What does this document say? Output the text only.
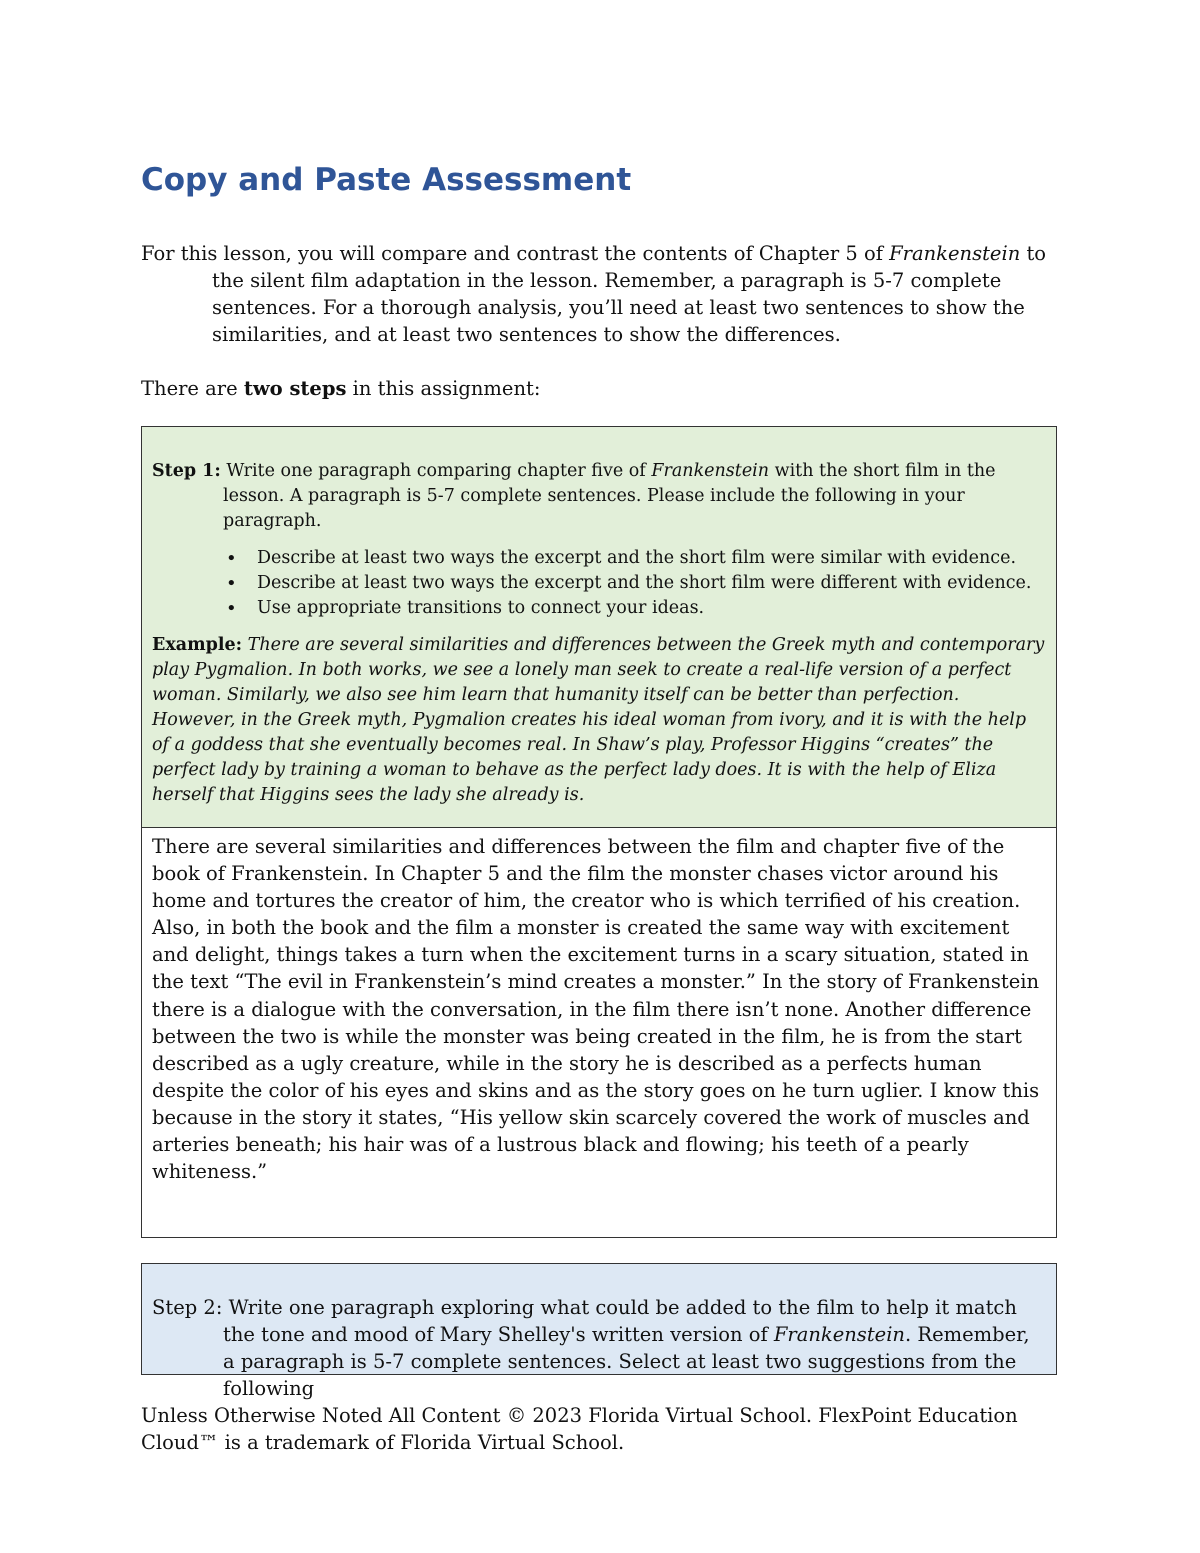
Copy and Paste Assessment

For this lesson, you will compare and contrast the contents of Chapter 5 of Frankenstein to the silent film adaptation in the lesson. Remember, a paragraph is 5-7 complete sentences. For a thorough analysis, you’ll need at least two sentences to show the similarities, and at least two sentences to show the differences.

There are two steps in this assignment:

Step 1: Write one paragraph comparing chapter five of Frankenstein with the short film in the lesson. A paragraph is 5-7 complete sentences. Please include the following in your paragraph.

• Describe at least two ways the excerpt and the short film were similar with evidence.
• Describe at least two ways the excerpt and the short film were different with evidence.
• Use appropriate transitions to connect your ideas.

Example: There are several similarities and differences between the Greek myth and contemporary play Pygmalion. In both works, we see a lonely man seek to create a real-life version of a perfect woman. Similarly, we also see him learn that humanity itself can be better than perfection. However, in the Greek myth, Pygmalion creates his ideal woman from ivory, and it is with the help of a goddess that she eventually becomes real. In Shaw’s play, Professor Higgins “creates” the perfect lady by training a woman to behave as the perfect lady does. It is with the help of Eliza herself that Higgins sees the lady she already is.

There are several similarities and differences between the film and chapter five of the book of Frankenstein. In Chapter 5 and the film the monster chases victor around his home and tortures the creator of him, the creator who is which terrified of his creation. Also, in both the book and the film a monster is created the same way with excitement and delight, things takes a turn when the excitement turns in a scary situation, stated in the text “The evil in Frankenstein’s mind creates a monster.” In the story of Frankenstein there is a dialogue with the conversation, in the film there isn’t none. Another difference between the two is while the monster was being created in the film, he is from the start described as a ugly creature, while in the story he is described as a perfects human despite the color of his eyes and skins and as the story goes on he turn uglier. I know this because in the story it states, “His yellow skin scarcely covered the work of muscles and arteries beneath; his hair was of a lustrous black and flowing; his teeth of a pearly whiteness.”

Step 2: Write one paragraph exploring what could be added to the film to help it match the tone and mood of Mary Shelley's written version of Frankenstein. Remember, a paragraph is 5-7 complete sentences. Select at least two suggestions from the following

Unless Otherwise Noted All Content © 2023 Florida Virtual School. FlexPoint Education Cloud™ is a trademark of Florida Virtual School.
